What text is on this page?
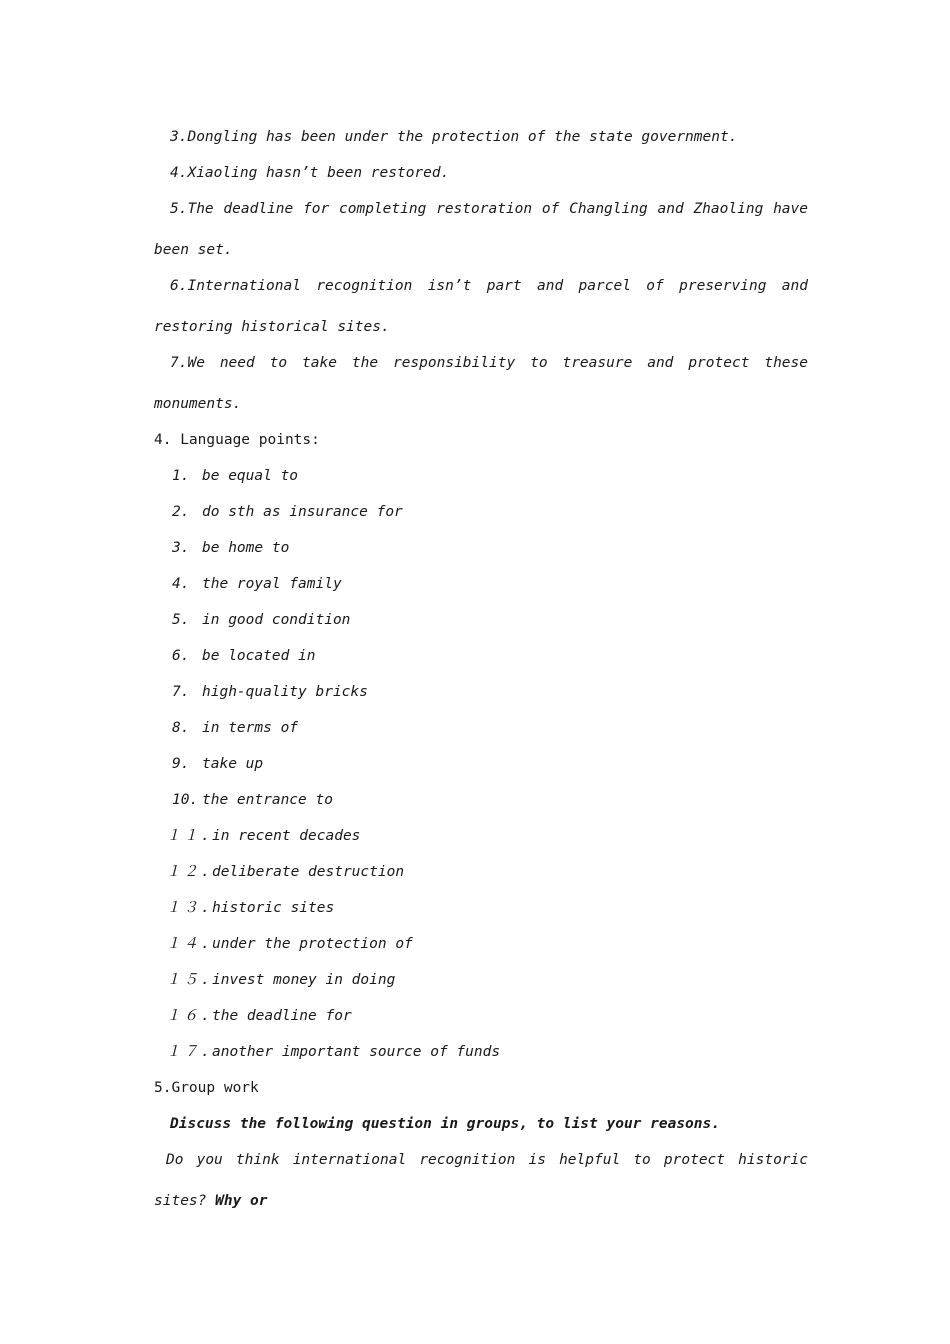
3.Dongling has been under the protection of the state government.
4.Xiaoling hasn’t been restored.
5.The deadline for completing restoration of Changling and Zhaoling have
been set.
6.International recognition isn’t part and parcel of preserving and
restoring historical sites.
7.We need to take the responsibility to treasure and protect these
monuments.
4. Language points:
1. be equal to
2. do sth as insurance for
3. be home to
4. the royal family
5. in good condition
6. be located in
7. high-quality bricks
8. in terms of
9. take up
10. the entrance to
１１.in recent decades
１２.deliberate destruction
１３.historic sites
１４.under the protection of
１５.invest money in doing
１６.the deadline for
１７.another important source of funds
5.Group work
Discuss the following question in groups, to list your reasons.
Do you think international recognition is helpful to protect historic
sites? Why or
